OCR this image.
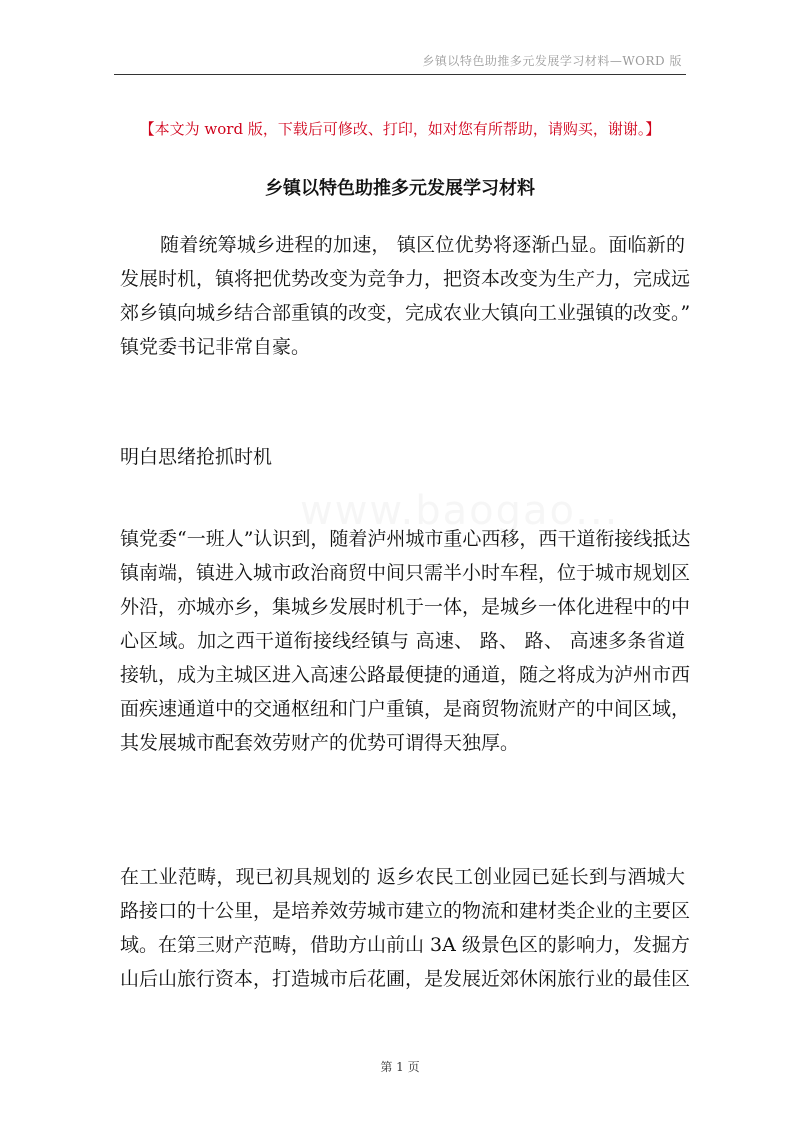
乡镇以特色助推多元发展学习材料—WORD 版
【本文为 word 版，下载后可修改、打印，如对您有所帮助，请购买，谢谢。】
乡镇以特色助推多元发展学习材料
随着统筹城乡进程的加速， 镇区位优势将逐渐凸显。面临新的
发展时机，镇将把优势改变为竞争力，把资本改变为生产力，完成远
郊乡镇向城乡结合部重镇的改变，完成农业大镇向工业强镇的改变。”
镇党委书记非常自豪。
明白思绪抢抓时机
镇党委“一班人”认识到，随着泸州城市重心西移，西干道衔接线抵达
镇南端，镇进入城市政治商贸中间只需半小时车程，位于城市规划区
外沿，亦城亦乡，集城乡发展时机于一体，是城乡一体化进程中的中
心区域。加之西干道衔接线经镇与 高速、 路、 路、 高速多条省道
接轨，成为主城区进入高速公路最便捷的通道，随之将成为泸州市西
面疾速通道中的交通枢纽和门户重镇，是商贸物流财产的中间区域，
其发展城市配套效劳财产的优势可谓得天独厚。
在工业范畴，现已初具规划的 返乡农民工创业园已延长到与酒城大
路接口的十公里，是培养效劳城市建立的物流和建材类企业的主要区
域。在第三财产范畴，借助方山前山 3A 级景色区的影响力，发掘方
山后山旅行资本，打造城市后花圃，是发展近郊休闲旅行业的最佳区
第 1 页
www.baogao...
